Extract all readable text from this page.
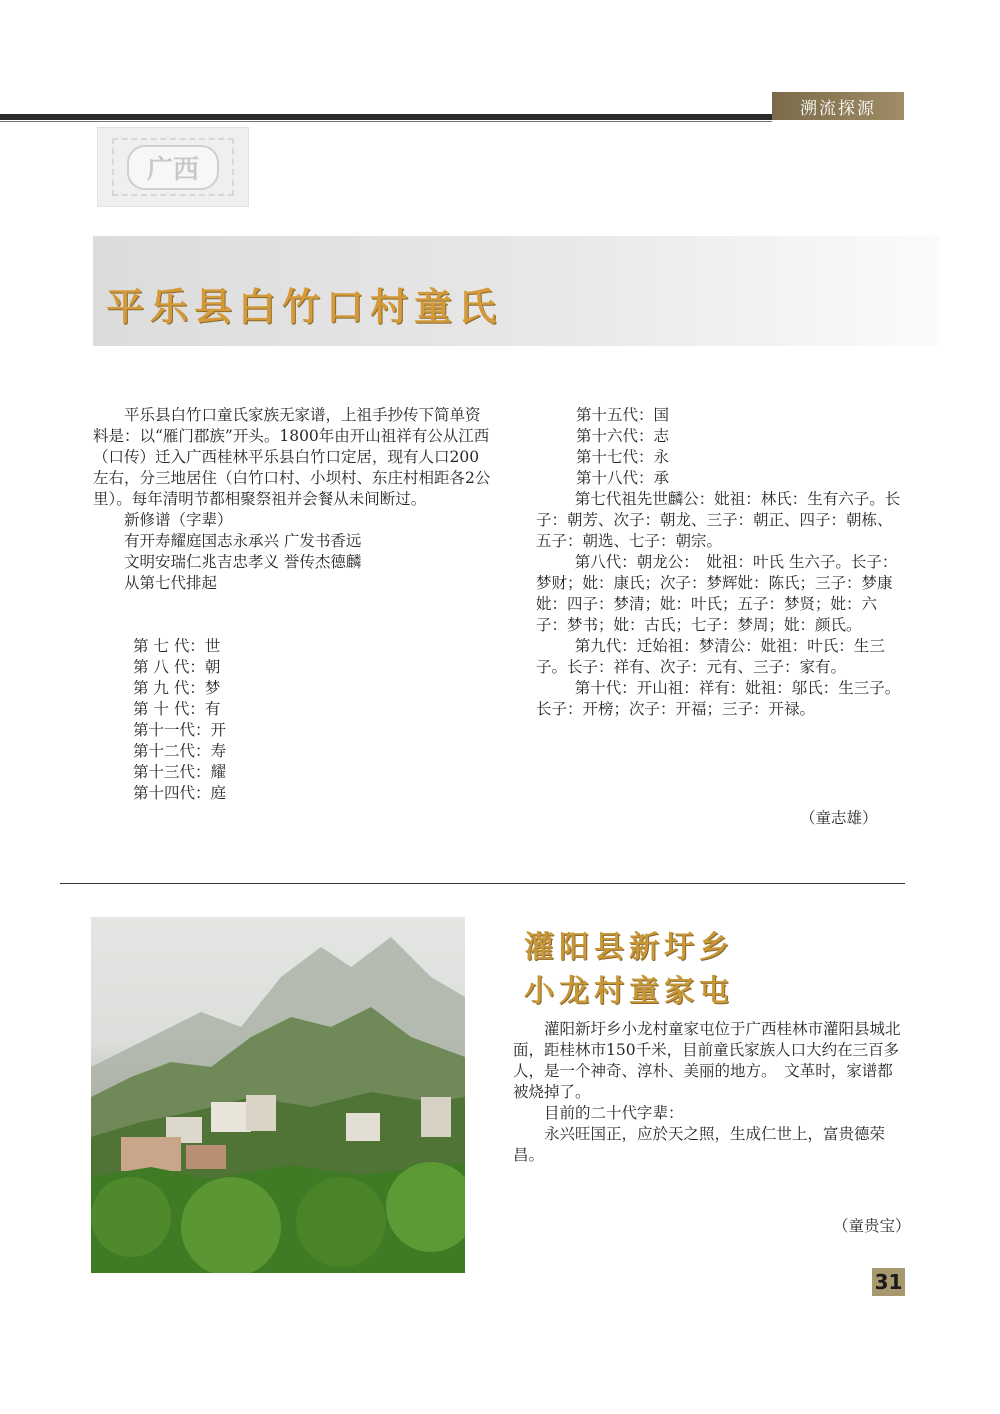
溯流探源
广西
平乐县白竹口村童氏

平乐县白竹口童氏家族无家谱，上祖手抄传下简单资料是：以“雁门郡族”开头。1800年由开山祖祥有公从江西（口传）迁入广西桂林平乐县白竹口定居，现有人口200左右，分三地居住（白竹口村、小坝村、东庄村相距各2公里）。每年清明节都相聚祭祖并会餐从未间断过。

新修谱（字辈）
有开寿耀庭国志永承兴 广发书香远
文明安瑞仁兆吉忠孝义 誉传杰德麟
从第七代排起
第 七 代：世
第 八 代：朝
第 九 代：梦
第 十 代：有
第十一代：开
第十二代：寿
第十三代：耀
第十四代：庭
第十五代：国
第十六代：志
第十七代：永
第十八代：承

第七代祖先世麟公：妣祖：林氏：生有六子。长子：朝芳、次子：朝龙、三子：朝正、四子：朝栋、五子：朝选、七子：朝宗。

第八代：朝龙公：　妣祖：叶氏 生六子。长子：梦财；妣：康氏；次子：梦辉妣：陈氏；三子：梦康　妣：四子：梦清；妣：叶氏；五子：梦贤；妣：六子：梦书；妣：古氏；七子：梦周；妣：颜氏。

第九代：迁始祖：梦清公：妣祖：叶氏：生三子。长子：祥有、次子：元有、三子：家有。

第十代：开山祖：祥有：妣祖：邬氏：生三子。长子：开榜；次子：开福；三子：开禄。

（童志雄）
灌阳县新圩乡
小龙村童家屯

灌阳新圩乡小龙村童家屯位于广西桂林市灌阳县城北面，距桂林市150千米，目前童氏家族人口大约在三百多人，是一个神奇、淳朴、美丽的地方。　文革时，家谱都被烧掉了。

目前的二十代字辈：

永兴旺国正，应於天之照，生成仁世上，富贵德荣昌。

（童贵宝）
31
